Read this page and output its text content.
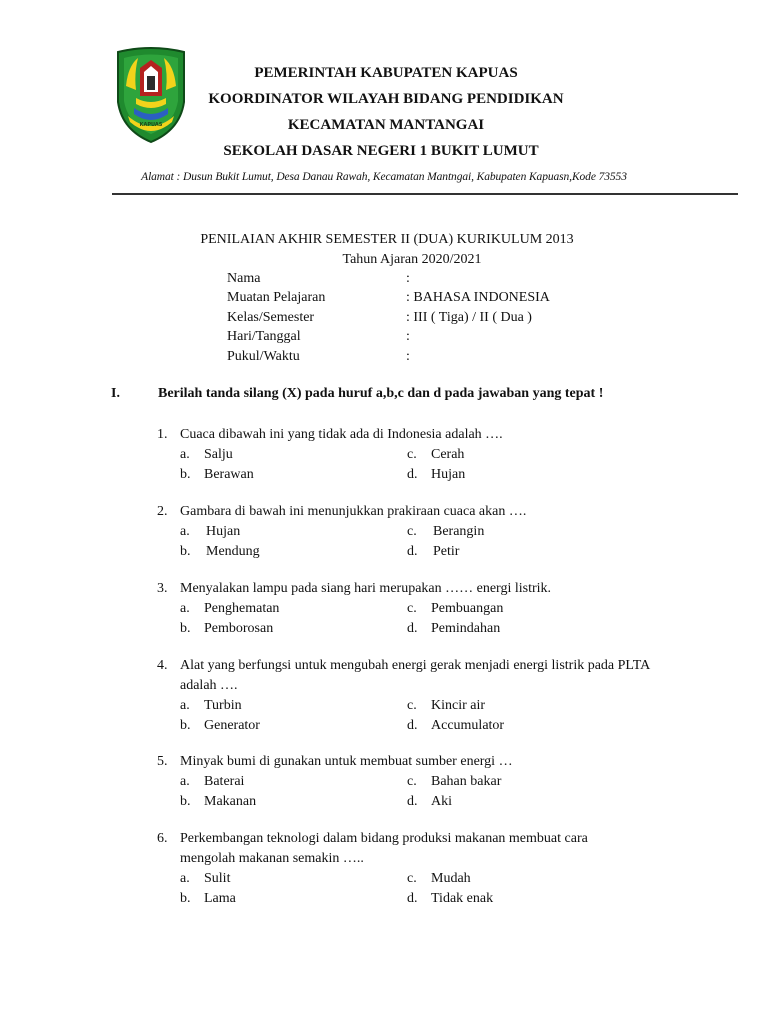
KAPUAS
PEMERINTAH KABUPATEN KAPUAS
KOORDINATOR WILAYAH BIDANG PENDIDIKAN
KECAMATAN MANTANGAI
SEKOLAH DASAR NEGERI 1 BUKIT LUMUT
Alamat : Dusun Bukit Lumut, Desa Danau Rawah, Kecamatan Mantngai, Kabupaten Kapuasn,Kode 73553
PENILAIAN AKHIR SEMESTER II (DUA) KURIKULUM 2013
Tahun Ajaran 2020/2021
Nama	:
Muatan Pelajaran	: BAHASA INDONESIA
Kelas/Semester	: III ( Tiga) / II ( Dua )
Hari/Tanggal	:
Pukul/Waktu	:
I.	Berilah tanda silang (X) pada huruf a,b,c dan d pada jawaban yang tepat !
1. Cuaca dibawah ini yang tidak ada di Indonesia adalah ….
a. Salju	c. Cerah
b. Berawan	d. Hujan
2. Gambara di bawah ini menunjukkan prakiraan cuaca akan ….
a. Hujan	c. Berangin
b. Mendung	d. Petir
3. Menyalakan lampu pada siang hari merupakan …… energi listrik.
a. Penghematan	c. Pembuangan
b. Pemborosan	d. Pemindahan
4. Alat yang berfungsi untuk mengubah energi gerak menjadi energi listrik pada PLTA adalah ….
a. Turbin	c. Kincir air
b. Generator	d. Accumulator
5. Minyak bumi di gunakan untuk membuat sumber energi …
a. Baterai	c. Bahan bakar
b. Makanan	d. Aki
6. Perkembangan teknologi dalam bidang produksi makanan membuat cara mengolah makanan semakin …..
a. Sulit	c. Mudah
b. Lama	d. Tidak enak
